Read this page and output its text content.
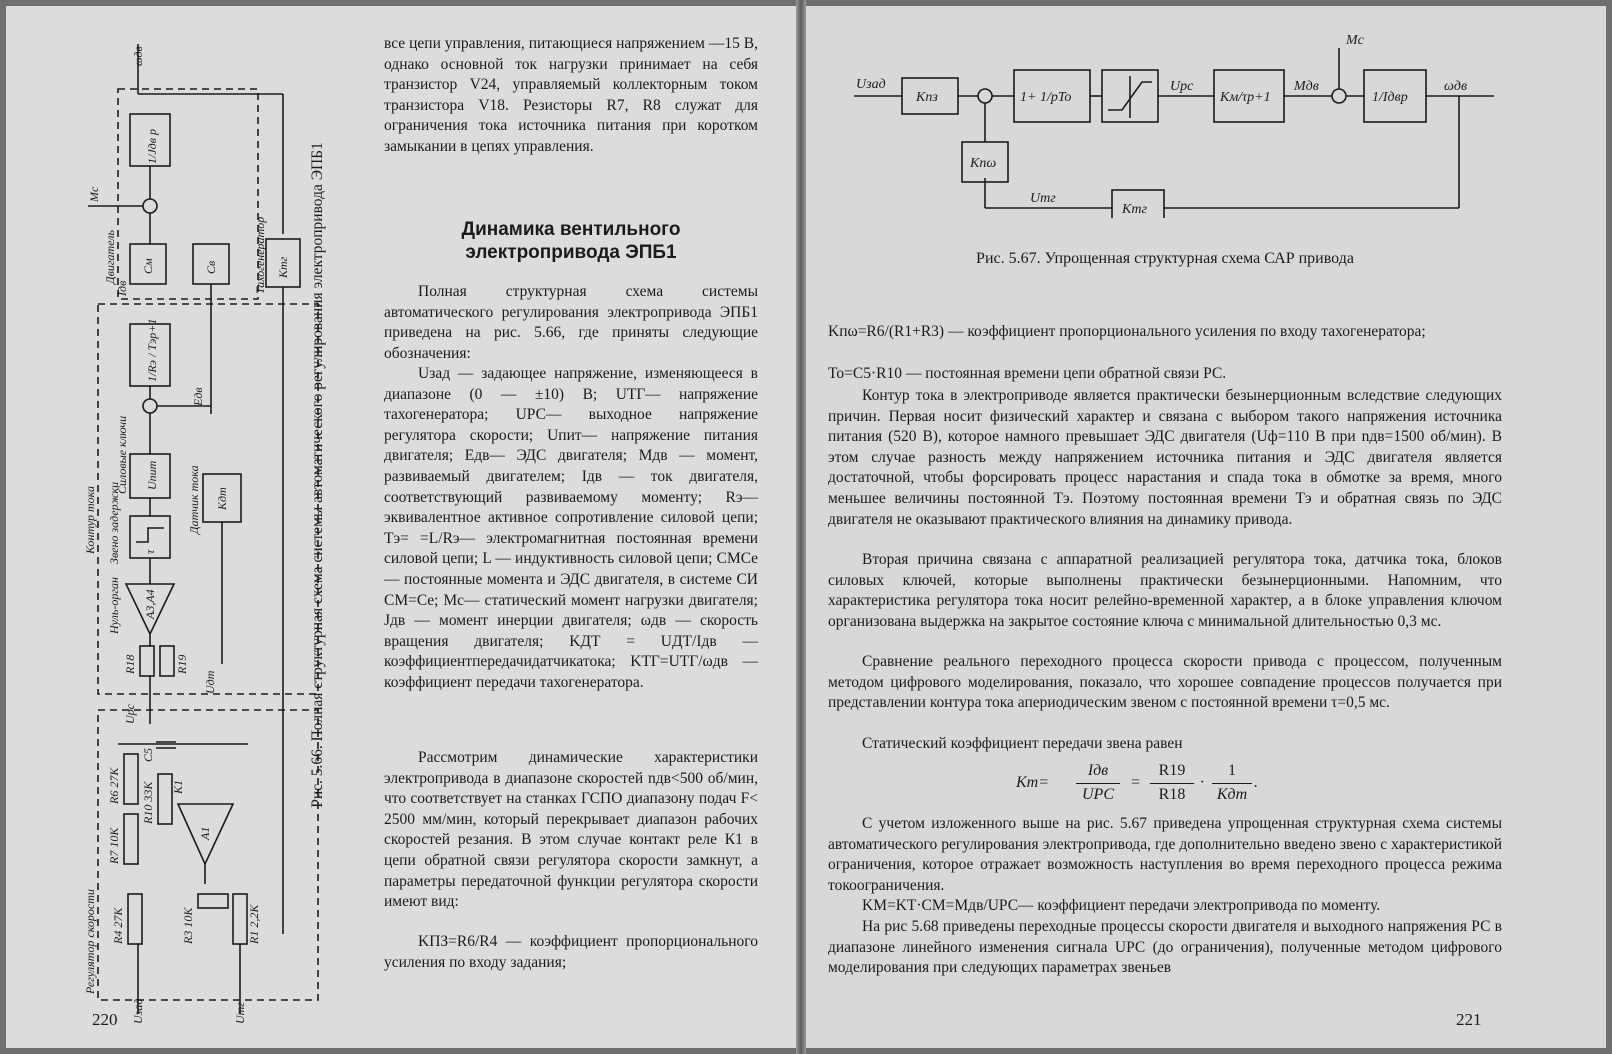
ωдв
Mc
Двигатель
1/Jдв p
Iдв
Cм	Cв	Тахогенератор Kтг
1/Rэ / Tэp+1
Eдв
Контур тока
Силовые ключи Uпит
Звено задержки τ
Датчик тока Kдт
Нуль-орган A3,A4
R18	R19
Uдт
Uрс
Регулятор скорости
R6 27K
R7 10K
R10 33K
C5
K1
A1
R4 27K	R3 10K	R1 2,2K
Uзад	Uтг
Рис. 5.66. Полная структурная схема системы автоматического регулирования электропривода ЭПБ1

все цепи управления, питающиеся напряжением —15 В, однако основной ток нагрузки принимает на себя транзистор V24, управляемый коллекторным током транзистора V18. Резисторы R7, R8 служат для ограничения тока источника питания при коротком замыкании в цепях управления.

Динамика вентильного
электропривода ЭПБ1

Полная структурная схема системы автоматического регулирования электропривода ЭПБ1 приведена на рис. 5.66, где приняты следующие обозначения:

Uзад — задающее напряжение, изменяющееся в диапазоне (0 — ±10) В; UТГ— напряжение тахогенератора; UРС— выходное напряжение регулятора скорости; Uпит— напряжение питания двигателя; Eдв— ЭДС двигателя; Mдв — момент, развиваемый двигателем; Iдв — ток двигателя, соответствующий развиваемому моменту; Rэ— эквивалентное активное сопротивление силовой цепи; Tэ= =L/Rэ— электромагнитная постоянная времени силовой цепи; L — индуктивность силовой цепи; CМCе— постоянные момента и ЭДС двигателя, в системе СИ CМ=Cе; Mс— статический момент нагрузки двигателя; Jдв — момент инерции двигателя; ωдв — скорость вращения двигателя; KДТ = UДТ/Iдв — коэффициентпередачидатчикатока; KТГ=UТГ/ωдв — коэффициент передачи тахогенератора.

Рассмотрим динамические характеристики электропривода в диапазоне скоростей nдв<500 об/мин, что соответствует на станках ГСПО диапазону подач F< 2500 мм/мин, который перекрывает диапазон рабочих скоростей резания. В этом случае контакт реле К1 в цепи обратной связи регулятора скорости замкнут, а параметры передаточной функции регулятора скорости имеют вид:

KПЗ=R6/R4 — коэффициент пропорционального усиления по входу задания;

220
Mc
Uзад
Kпз	1+ 1/pTo
Uрс
Kм/τp+1
Mдв
1/Iдвp
ωдв
Kпω
Uтг
Kтг
Рис. 5.67. Упрощенная структурная схема САР привода

Kпω=R6/(R1+R3) — коэффициент пропорционального усиления по входу тахогенератора;

To=C5·R10 — постоянная времени цепи обратной связи РС.

Контур тока в электроприводе является практически безынерционным вследствие следующих причин. Первая носит физический характер и связана с выбором такого напряжения источника питания (520 В), которое намного превышает ЭДС двигателя (Uф=110 В при nдв=1500 об/мин). В этом случае разность между напряжением источника питания и ЭДС двигателя является достаточной, чтобы форсировать процесс нарастания и спада тока в обмотке за время, много меньшее величины постоянной Tэ. Поэтому постоянная времени Tэ и обратная связь по ЭДС двигателя не оказывают практического влияния на динамику привода.

Вторая причина связана с аппаратной реализацией регулятора тока, датчика тока, блоков силовых ключей, которые выполнены практически безынерционными. Напомним, что характеристика регулятора тока носит релейно-временной характер, а в блоке управления ключом организована выдержка на закрытое состояние ключа с минимальной длительностью 0,3 мс.

Сравнение реального переходного процесса скорости привода с процессом, полученным методом цифрового моделирования, показало, что хорошее совпадение процессов получается при представлении контура тока апериодическим звеном с постоянной времени τ=0,5 мс.

Статический коэффициент передачи звена равен

Kт=
Iдв
UРС
=
R19
R18
·
1
Kдт
.

С учетом изложенного выше на рис. 5.67 приведена упрощенная структурная схема системы автоматического регулирования электропривода, где дополнительно введено звено с характеристикой ограничения, которое отражает возможность наступления во время переходного процесса режима токоограничения.

KМ=KТ·CМ=Mдв/UРС— коэффициент передачи электропривода по моменту.

На рис 5.68 приведены переходные процессы скорости двигателя и выходного напряжения РС в диапазоне линейного изменения сигнала UРС (до ограничения), полученные методом цифрового моделирования при следующих параметрах звеньев

221
